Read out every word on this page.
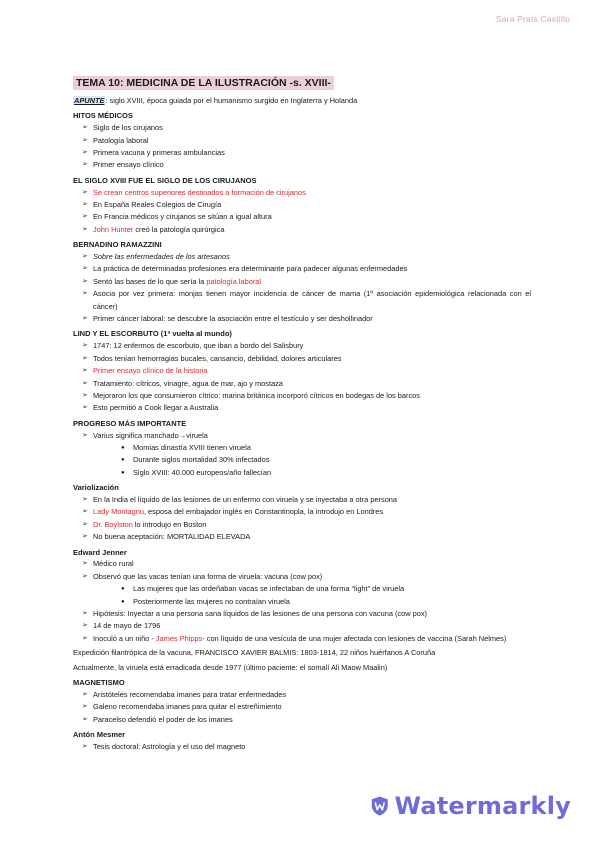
Sara Prats Castillo
TEMA 10: MEDICINA DE LA ILUSTRACIÓN -s. XVIII-
APUNTE: siglo XVIII, época guiada por el humanismo surgido en Inglaterra y Holanda
HITOS MÉDICOS
➢ Siglo de los cirujanos
➢ Patología laboral
➢ Primera vacuna y primeras ambulancias
➢ Primer ensayo clínico
EL SIGLO XVIII FUE EL SIGLO DE LOS CIRUJANOS
➢ Se crean centros superiores destinados a formación de cirujanos
➢ En España Reales Colegios de Cirugía
➢ En Francia médicos y cirujanos se sitúan a igual altura
➢ John Hunter creó la patología quirúrgica
BERNADINO RAMAZZINI
➢ Sobre las enfermedades de los artesanos
➢ La práctica de determinadas profesiones era determinante para padecer algunas enfermedades
➢ Sentó las bases de lo que sería la patología laboral
➢ Asocia por vez primera: monjas tienen mayor incidencia de cáncer de mama (1º asociación epidemiológica relacionada con el cáncer)
➢ Primer cáncer laboral: se descubre la asociación entre el testículo y ser deshollinador
LIND Y EL ESCORBUTO (1ª vuelta al mundo)
➢ 1747: 12 enfermos de escorbuto, que iban a bordo del Salisbury
➢ Todos tenían hemorragias bucales, cansancio, debilidad, dolores articulares
➢ Primer ensayo clínico de la historia
➢ Tratamiento: cítricos, vinagre, agua de mar, ajo y mostaza
➢ Mejoraron los que consumieron cítrico: marina británica incorporó cítricos en bodegas de los barcos
➢ Esto permitió a Cook llegar a Australia
PROGRESO MÁS IMPORTANTE
➢ Varius significa manchado→viruela
● Momias dinastía XVIII tienen viruela
● Durante siglos mortalidad 30% infectados
● Siglo XVIII: 40.000 europeos/año fallecían
Variolización
➢ En la India el líquido de las lesiones de un enfermo con viruela y se inyectaba a otra persona
➢ Lady Montagnu, esposa del embajador inglés en Constantinopla, la introdujo en Londres
➢ Dr. Boylston lo introdujo en Boston
➢ No buena aceptación: MORTALIDAD ELEVADA
Edward Jenner
➢ Médico rural
➢ Observó que las vacas tenían una forma de viruela: vacuna (cow pox)
● Las mujeres que las ordeñaban vacas se infectaban de una forma “light” de viruela
● Posteriormente las mujeres no contraían viruela
➢ Hipótesis: Inyectar a una persona sana líquidos de las lesiones de una persona con vacuna (cow pox)
➢ 14 de mayo de 1796
➢ Inoculó a un niño - James Phipps- con líquido de una vesícula de una mujer afectada con lesiones de vaccina (Sarah Nelmes)
Expedición filantrópica de la vacuna, FRANCISCO XAVIER BALMIS: 1803-1814, 22 niños huérfanos A Coruña
Actualmente, la viruela está erradicada desde 1977 (último paciente: el somalí Ali Maow Maalin)
MAGNETISMO
➢ Aristóteles recomendaba imanes para tratar enfermedades
➢ Galeno recomendaba imanes para quitar el estreñimiento
➢ Paracelso defendió el poder de los imanes
Antón Mesmer
➢ Tesis doctoral: Astrología y el uso del magneto
Watermarkly
